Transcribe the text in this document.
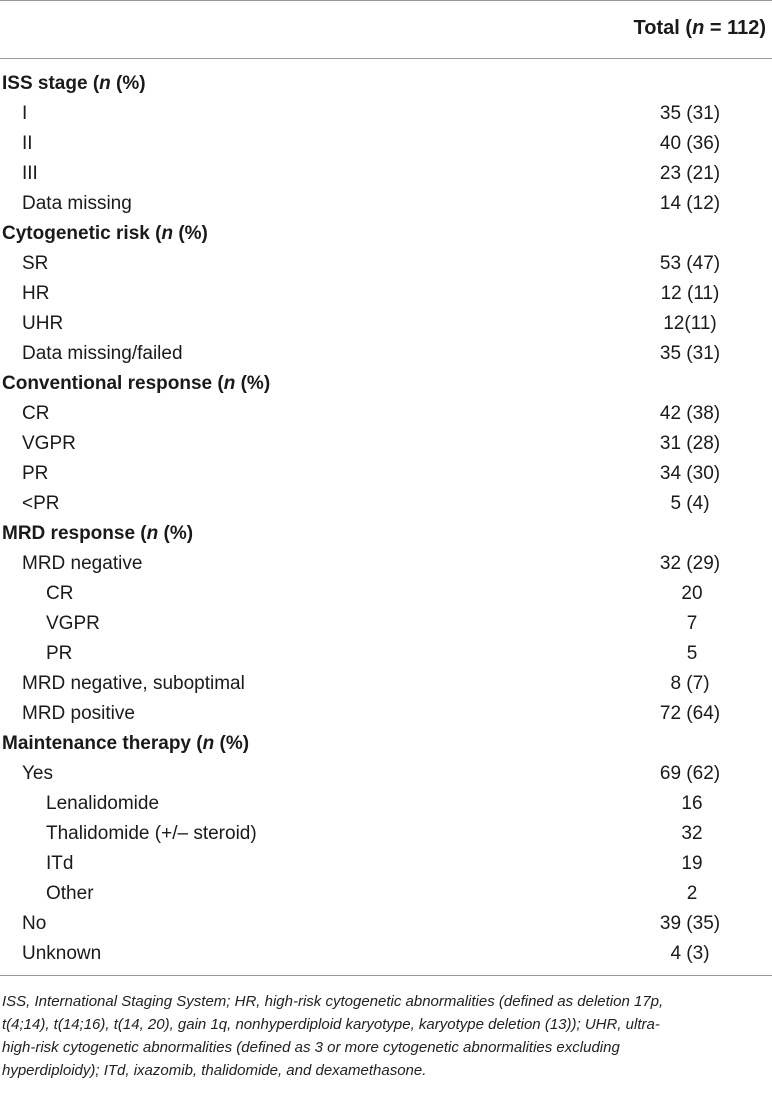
Total (n = 112)
ISS stage (n (%)
I	35 (31)
II	40 (36)
III	23 (21)
Data missing	14 (12)
Cytogenetic risk (n (%)
SR	53 (47)
HR	12 (11)
UHR	12(11)
Data missing/failed	35 (31)
Conventional response (n (%)
CR	42 (38)
VGPR	31 (28)
PR	34 (30)
<PR	5 (4)
MRD response (n (%)
MRD negative	32 (29)
CR	20
VGPR	7
PR	5
MRD negative, suboptimal	8 (7)
MRD positive	72 (64)
Maintenance therapy (n (%)
Yes	69 (62)
Lenalidomide	16
Thalidomide (+/– steroid)	32
ITd	19
Other	2
No	39 (35)
Unknown	4 (3)
ISS, International Staging System; HR, high-risk cytogenetic abnormalities (defined as deletion 17p,
t(4;14), t(14;16), t(14, 20), gain 1q, nonhyperdiploid karyotype, karyotype deletion (13)); UHR, ultra-
high-risk cytogenetic abnormalities (defined as 3 or more cytogenetic abnormalities excluding
hyperdiploidy); ITd, ixazomib, thalidomide, and dexamethasone.
